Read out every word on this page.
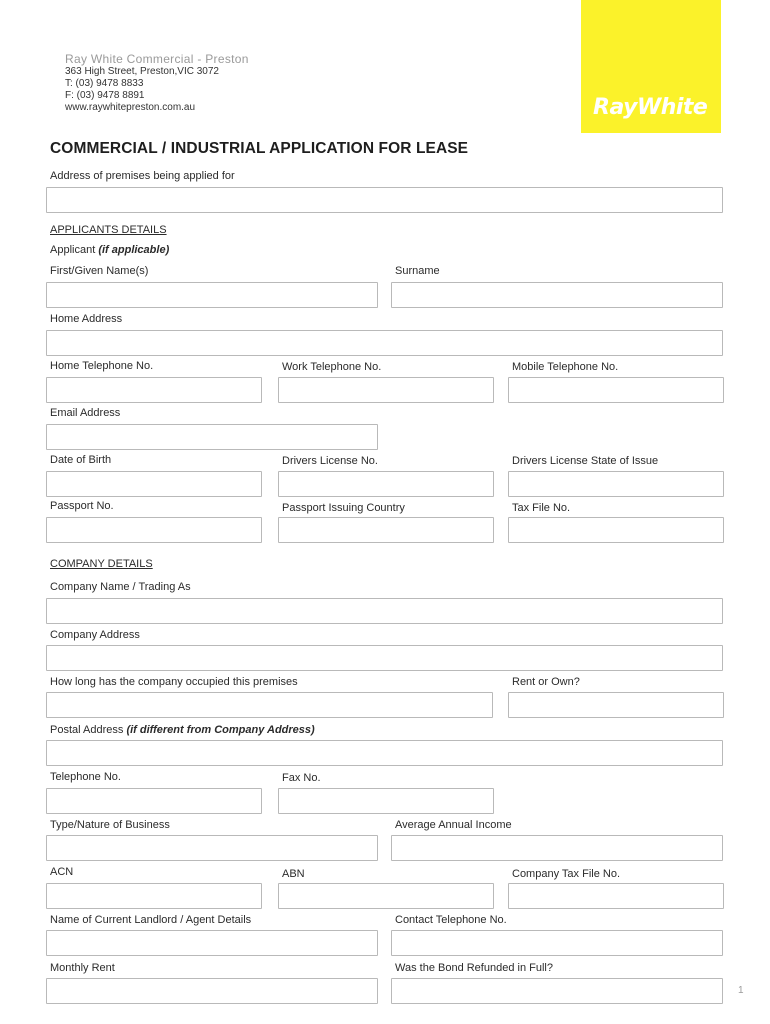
Ray White Commercial - Preston
363 High Street, Preston,VIC 3072
T: (03) 9478 8833
F: (03) 9478 8891
www.raywhitepreston.com.au	RayWhite
COMMERCIAL / INDUSTRIAL APPLICATION FOR LEASE
Address of premises being applied for
APPLICANTS DETAILS
Applicant (if applicable)
First/Given Name(s)	Surname
Home Address
Home Telephone No.	Work Telephone No.	Mobile Telephone No.
Email Address
Date of Birth	Drivers License No.	Drivers License State of Issue
Passport No.	Passport Issuing Country	Tax File No.
COMPANY DETAILS
Company Name / Trading As
Company Address
How long has the company occupied this premises	Rent or Own?
Postal Address (if different from Company Address)
Telephone No.	Fax No.
Type/Nature of Business	Average Annual Income
ACN	ABN	Company Tax File No.
Name of Current Landlord / Agent Details	Contact Telephone No.
Monthly Rent	Was the Bond Refunded in Full?
1
